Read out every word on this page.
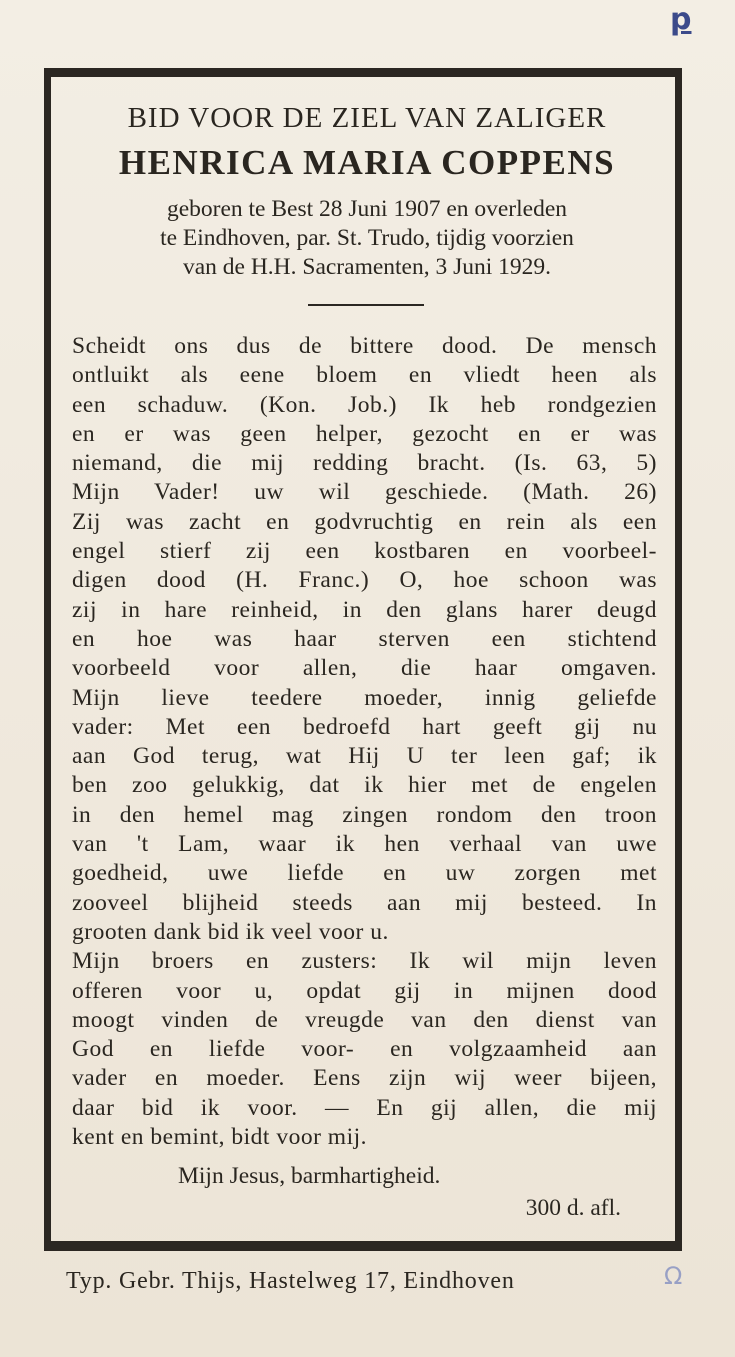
p
BID VOOR DE ZIEL VAN ZALIGER
HENRICA MARIA COPPENS
geboren te Best 28 Juni 1907 en overleden
te Eindhoven, par. St. Trudo, tijdig voorzien
van de H.H. Sacramenten, 3 Juni 1929.
Scheidt ons dus de bittere dood. De mensch
ontluikt als eene bloem en vliedt heen als
een schaduw. (Kon. Job.) Ik heb rondgezien
en er was geen helper, gezocht en er was
niemand, die mij redding bracht. (Is. 63, 5)
Mijn Vader! uw wil geschiede. (Math. 26)
Zij was zacht en godvruchtig en rein als een
engel stierf zij een kostbaren en voorbeel-
digen dood (H. Franc.) O, hoe schoon was
zij in hare reinheid, in den glans harer deugd
en hoe was haar sterven een stichtend
voorbeeld voor allen, die haar omgaven.
Mijn lieve teedere moeder, innig geliefde
vader: Met een bedroefd hart geeft gij nu
aan God terug, wat Hij U ter leen gaf; ik
ben zoo gelukkig, dat ik hier met de engelen
in den hemel mag zingen rondom den troon
van 't Lam, waar ik hen verhaal van uwe
goedheid, uwe liefde en uw zorgen met
zooveel blijheid steeds aan mij besteed. In
grooten dank bid ik veel voor u.
Mijn broers en zusters: Ik wil mijn leven
offeren voor u, opdat gij in mijnen dood
moogt vinden de vreugde van den dienst van
God en liefde voor- en volgzaamheid aan
vader en moeder. Eens zijn wij weer bijeen,
daar bid ik voor. — En gij allen, die mij
kent en bemint, bidt voor mij.
Mijn Jesus, barmhartigheid.
300 d. afl.
Typ. Gebr. Thijs, Hastelweg 17, Eindhoven	Ω
